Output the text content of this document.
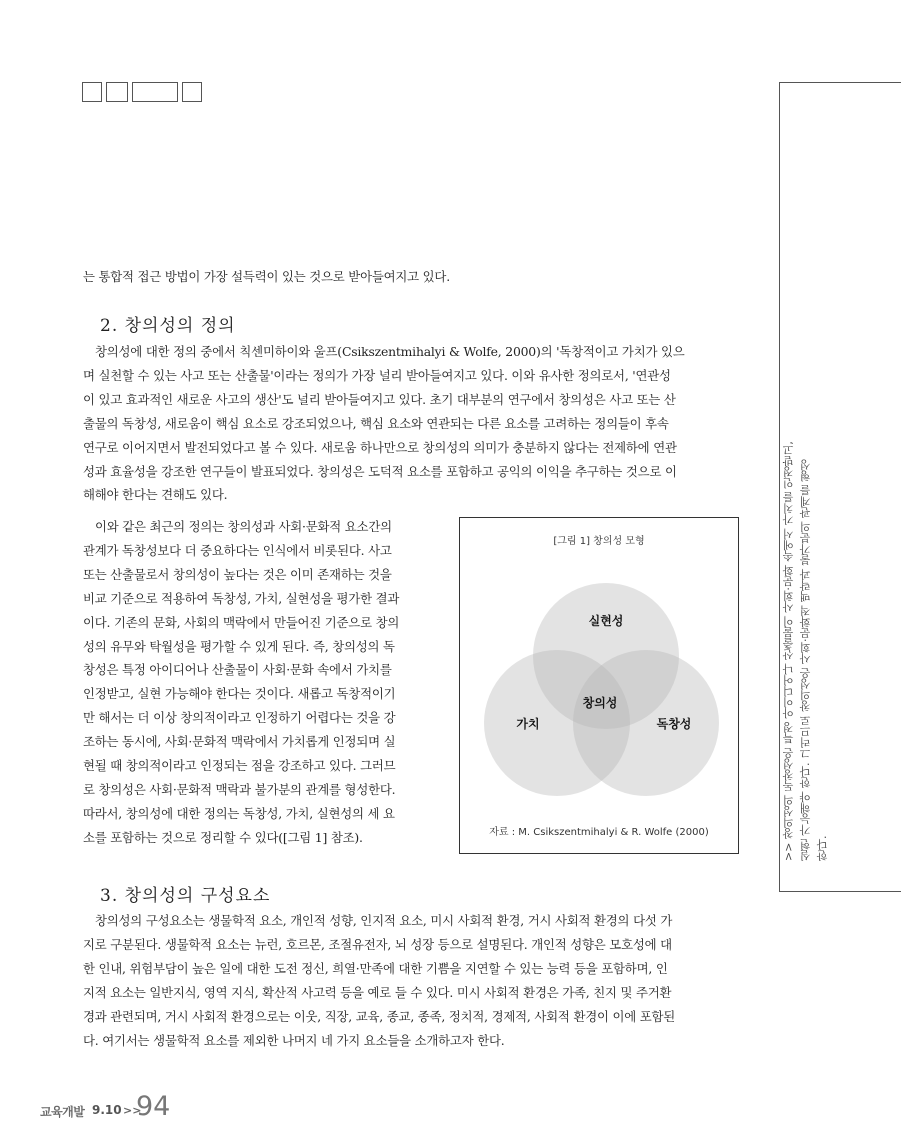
는 통합적 접근 방법이 가장 설득력이 있는 것으로 받아들여지고 있다.

2. 창의성의 정의

창의성에 대한 정의 중에서 칙센미하이와 울프(Csikszentmihalyi & Wolfe, 2000)의 '독창적이고 가치가 있으
며 실천할 수 있는 사고 또는 산출물'이라는 정의가 가장 널리 받아들여지고 있다. 이와 유사한 정의로서, '연관성
이 있고 효과적인 새로운 사고의 생산'도 널리 받아들여지고 있다. 초기 대부분의 연구에서 창의성은 사고 또는 산
출물의 독창성, 새로움이 핵심 요소로 강조되었으나, 핵심 요소와 연관되는 다른 요소를 고려하는 정의들이 후속
연구로 이어지면서 발전되었다고 볼 수 있다. 새로움 하나만으로 창의성의 의미가 충분하지 않다는 전제하에 연관
성과 효율성을 강조한 연구들이 발표되었다. 창의성은 도덕적 요소를 포함하고 공익의 이익을 추구하는 것으로 이
해해야 한다는 견해도 있다.

이와 같은 최근의 정의는 창의성과 사회·문화적 요소간의
관계가 독창성보다 더 중요하다는 인식에서 비롯된다. 사고
또는 산출물로서 창의성이 높다는 것은 이미 존재하는 것을
비교 기준으로 적용하여 독창성, 가치, 실현성을 평가한 결과
이다. 기존의 문화, 사회의 맥락에서 만들어진 기준으로 창의
성의 유무와 탁월성을 평가할 수 있게 된다. 즉, 창의성의 독
창성은 특정 아이디어나 산출물이 사회·문화 속에서 가치를
인정받고, 실현 가능해야 한다는 것이다. 새롭고 독창적이기
만 해서는 더 이상 창의적이라고 인정하기 어렵다는 것을 강
조하는 동시에, 사회·문화적 맥락에서 가치롭게 인정되며 실
현될 때 창의적이라고 인정되는 점을 강조하고 있다. 그러므
로 창의성은 사회·문화적 맥락과 불가분의 관계를 형성한다.
따라서, 창의성에 대한 정의는 독창성, 가치, 실현성의 세 요
소를 포함하는 것으로 정리할 수 있다([그림 1] 참조).

[그림 1] 창의성 모형
실현성
가치	독창성
창의성
자료 : M. Csikszentmihalyi & R. Wolfe (2000)
3. 창의성의 구성요소

창의성의 구성요소는 생물학적 요소, 개인적 성향, 인지적 요소, 미시 사회적 환경, 거시 사회적 환경의 다섯 가
지로 구분된다. 생물학적 요소는 뉴런, 호르몬, 조절유전자, 뇌 성장 등으로 설명된다. 개인적 성향은 모호성에 대
한 인내, 위험부담이 높은 일에 대한 도전 정신, 희열·만족에 대한 기쁨을 지연할 수 있는 능력 등을 포함하며, 인
지적 요소는 일반지식, 영역 지식, 확산적 사고력 등을 예로 들 수 있다. 미시 사회적 환경은 가족, 친지 및 주거환
경과 관련되며, 거시 사회적 환경으로는 이웃, 직장, 교육, 종교, 종족, 정치적, 경제적, 사회적 환경이 이에 포함된
다. 여기서는 생물학적 요소를 제외한 나머지 네 가지 요소들을 소개하고자 한다.

>> 창의성의 독창성은 특정 아이디어나 산출물이 사회·문화 속에서 가치를 인정받고, 실현 가능해야 한다. 그러므로 창의성은 사회·문화적 맥락과 불가분의 관계를 형성 한다.
교육개발 9.10 >>
94
